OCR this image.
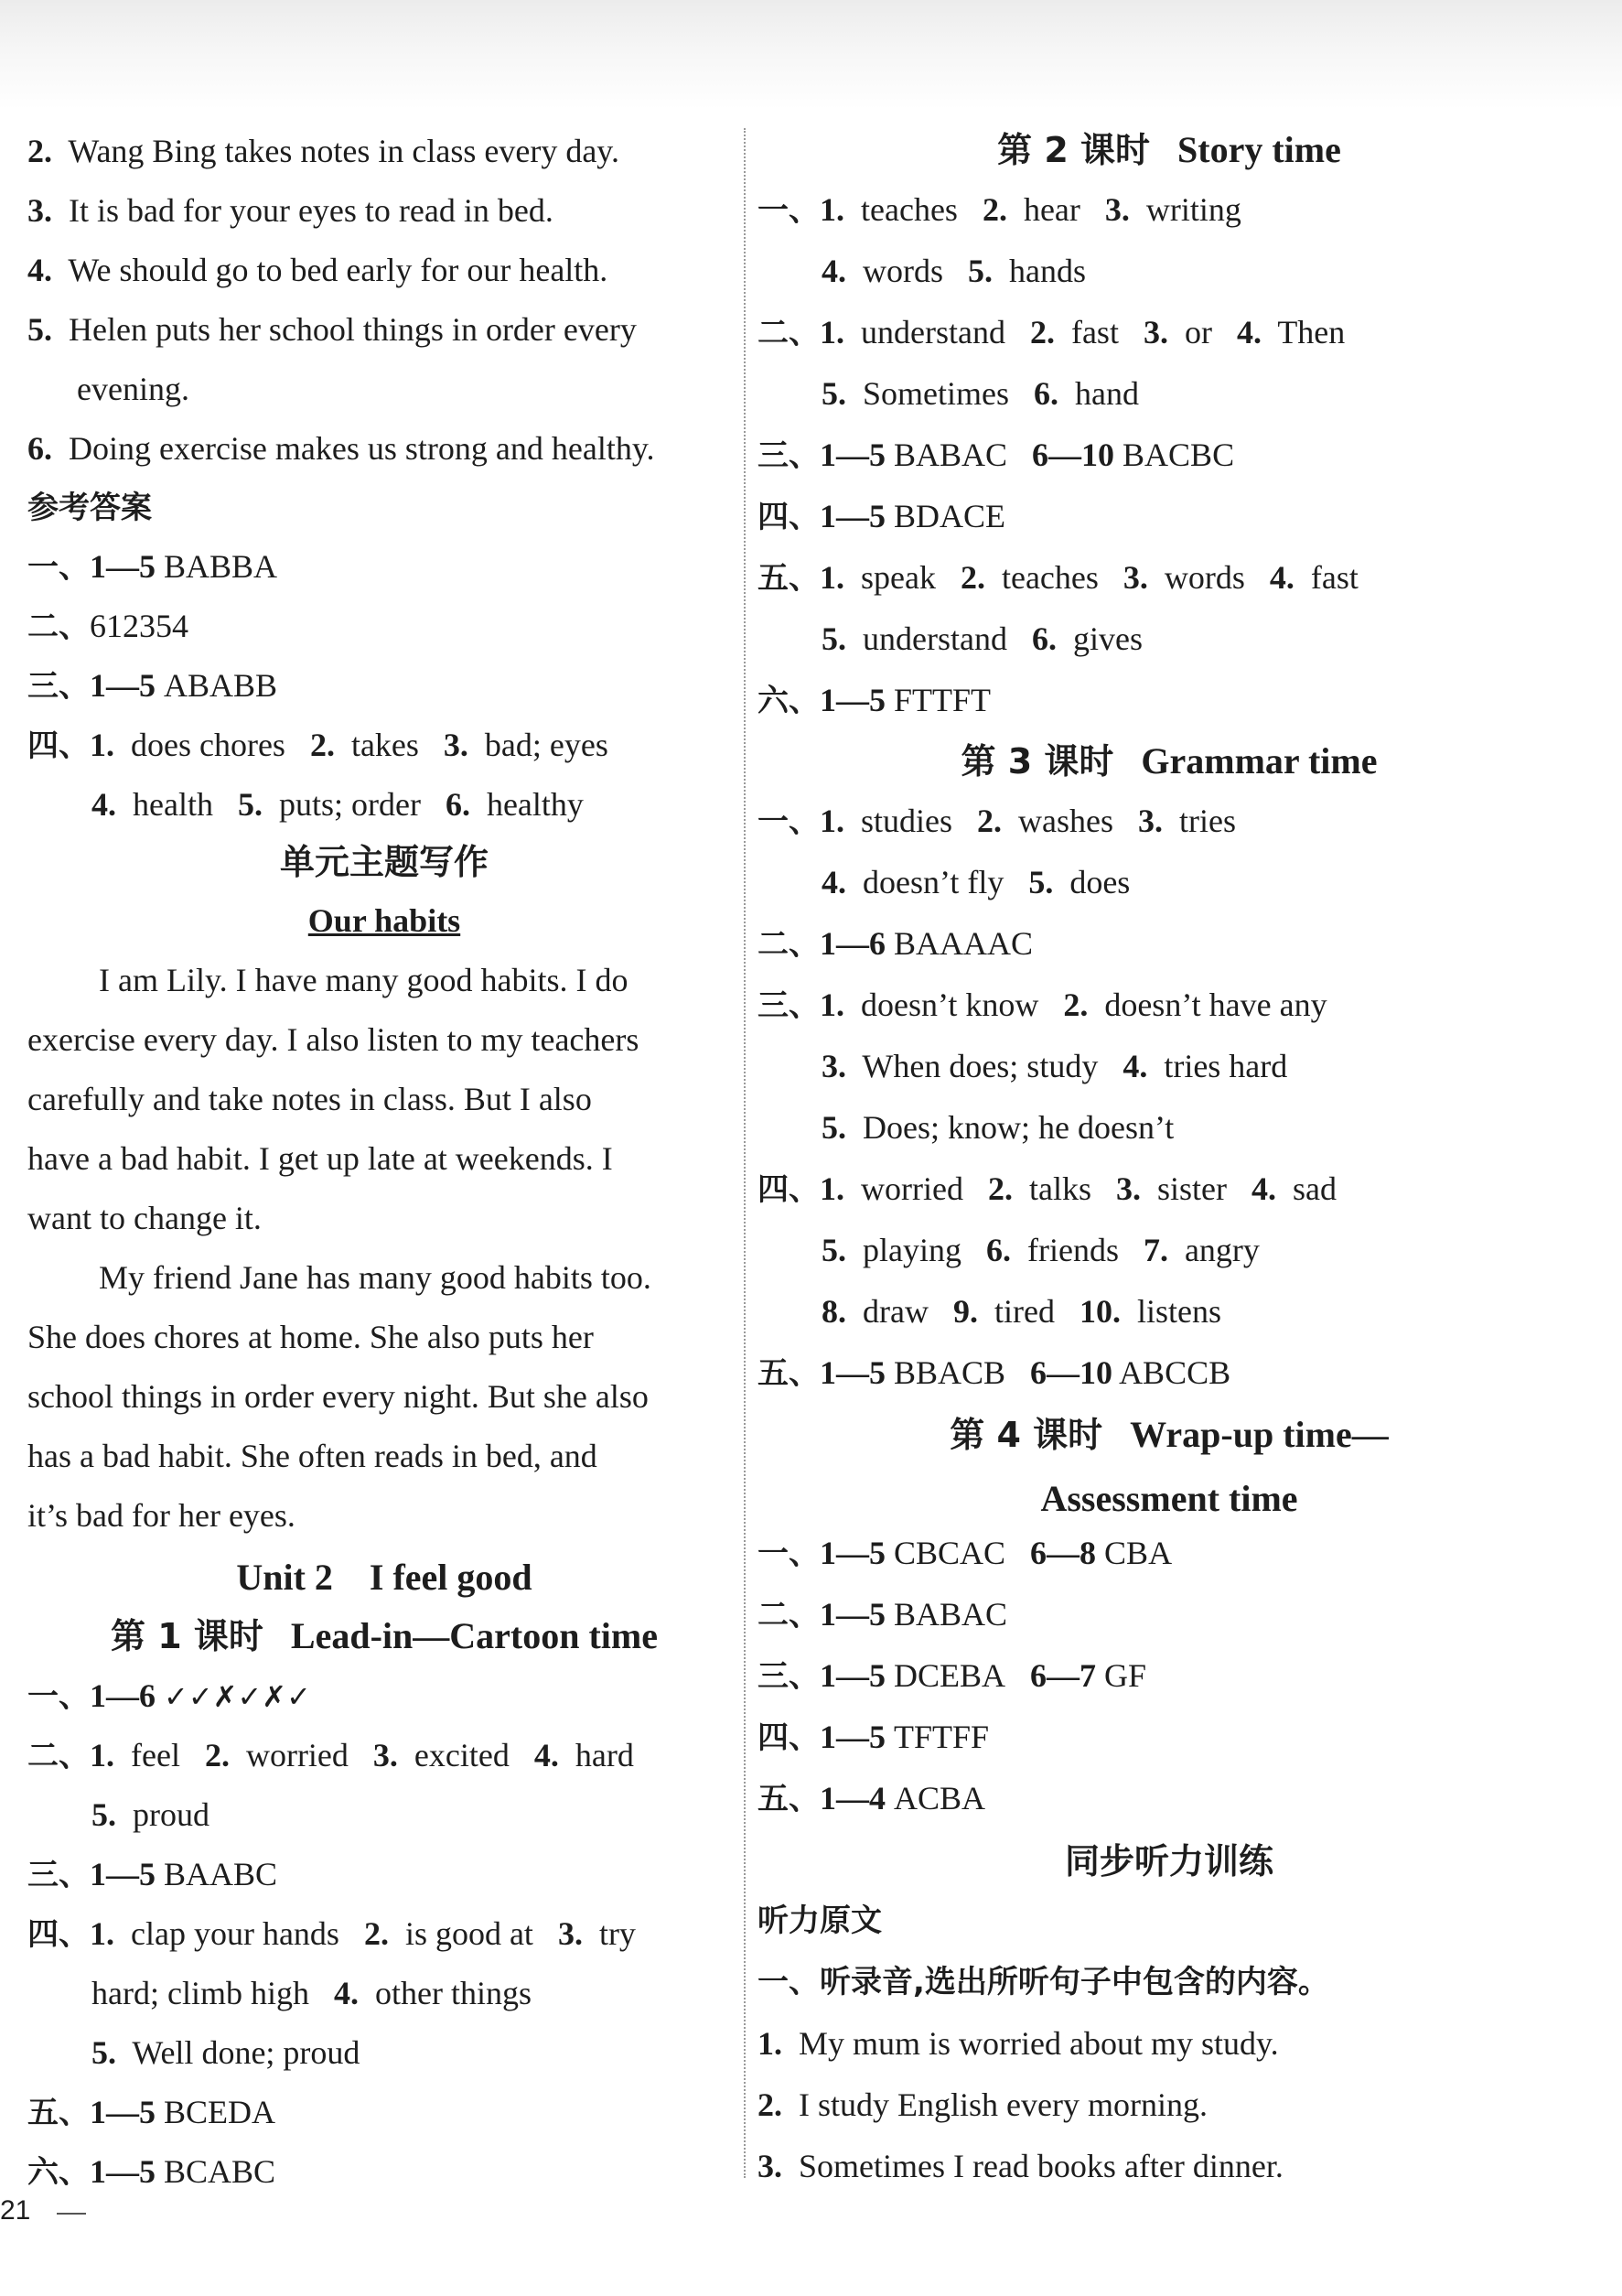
2. Wang Bing takes notes in class every day.
3. It is bad for your eyes to read in bed.
4. We should go to bed early for our health.
5. Helen puts her school things in order every
evening.
6. Doing exercise makes us strong and healthy.
参考答案
一、1—5 BABBA
二、612354
三、1—5 ABABB
四、1. does chores 2. takes 3. bad; eyes
4. health 5. puts; order 6. healthy
单元主题写作
Our habits
I am Lily. I have many good habits. I do
exercise every day. I also listen to my teachers
carefully and take notes in class. But I also
have a bad habit. I get up late at weekends. I
want to change it.
My friend Jane has many good habits too.
She does chores at home. She also puts her
school things in order every night. But she also
has a bad habit. She often reads in bed, and
it’s bad for her eyes.
Unit 2    I feel good
第 1 课时 Lead-in—Cartoon time
一、1—6 ✓✓✗✓✗✓
二、1. feel 2. worried 3. excited 4. hard
5. proud
三、1—5 BAABC
四、1. clap your hands 2. is good at 3. try
hard; climb high 4. other things
5. Well done; proud
五、1—5 BCEDA
六、1—5 BCABC
第 2 课时 Story time
一、1. teaches 2. hear 3. writing
4. words 5. hands
二、1. understand 2. fast 3. or 4. Then
5. Sometimes 6. hand
三、1—5 BABAC 6—10 BACBC
四、1—5 BDACE
五、1. speak 2. teaches 3. words 4. fast
5. understand 6. gives
六、1—5 FTTFT
第 3 课时 Grammar time
一、1. studies 2. washes 3. tries
4. doesn’t fly 5. does
二、1—6 BAAAAC
三、1. doesn’t know 2. doesn’t have any
3. When does; study 4. tries hard
5. Does; know; he doesn’t
四、1. worried 2. talks 3. sister 4. sad
5. playing 6. friends 7. angry
8. draw 9. tired 10. listens
五、1—5 BBACB 6—10 ABCCB
第 4 课时 Wrap-up time—
Assessment time
一、1—5 CBCAC 6—8 CBA
二、1—5 BABAC
三、1—5 DCEBA 6—7 GF
四、1—5 TFTFF
五、1—4 ACBA
同步听力训练
听力原文
一、听录音,选出所听句子中包含的内容。
1. My mum is worried about my study.
2. I study English every morning.
3. Sometimes I read books after dinner.
21
